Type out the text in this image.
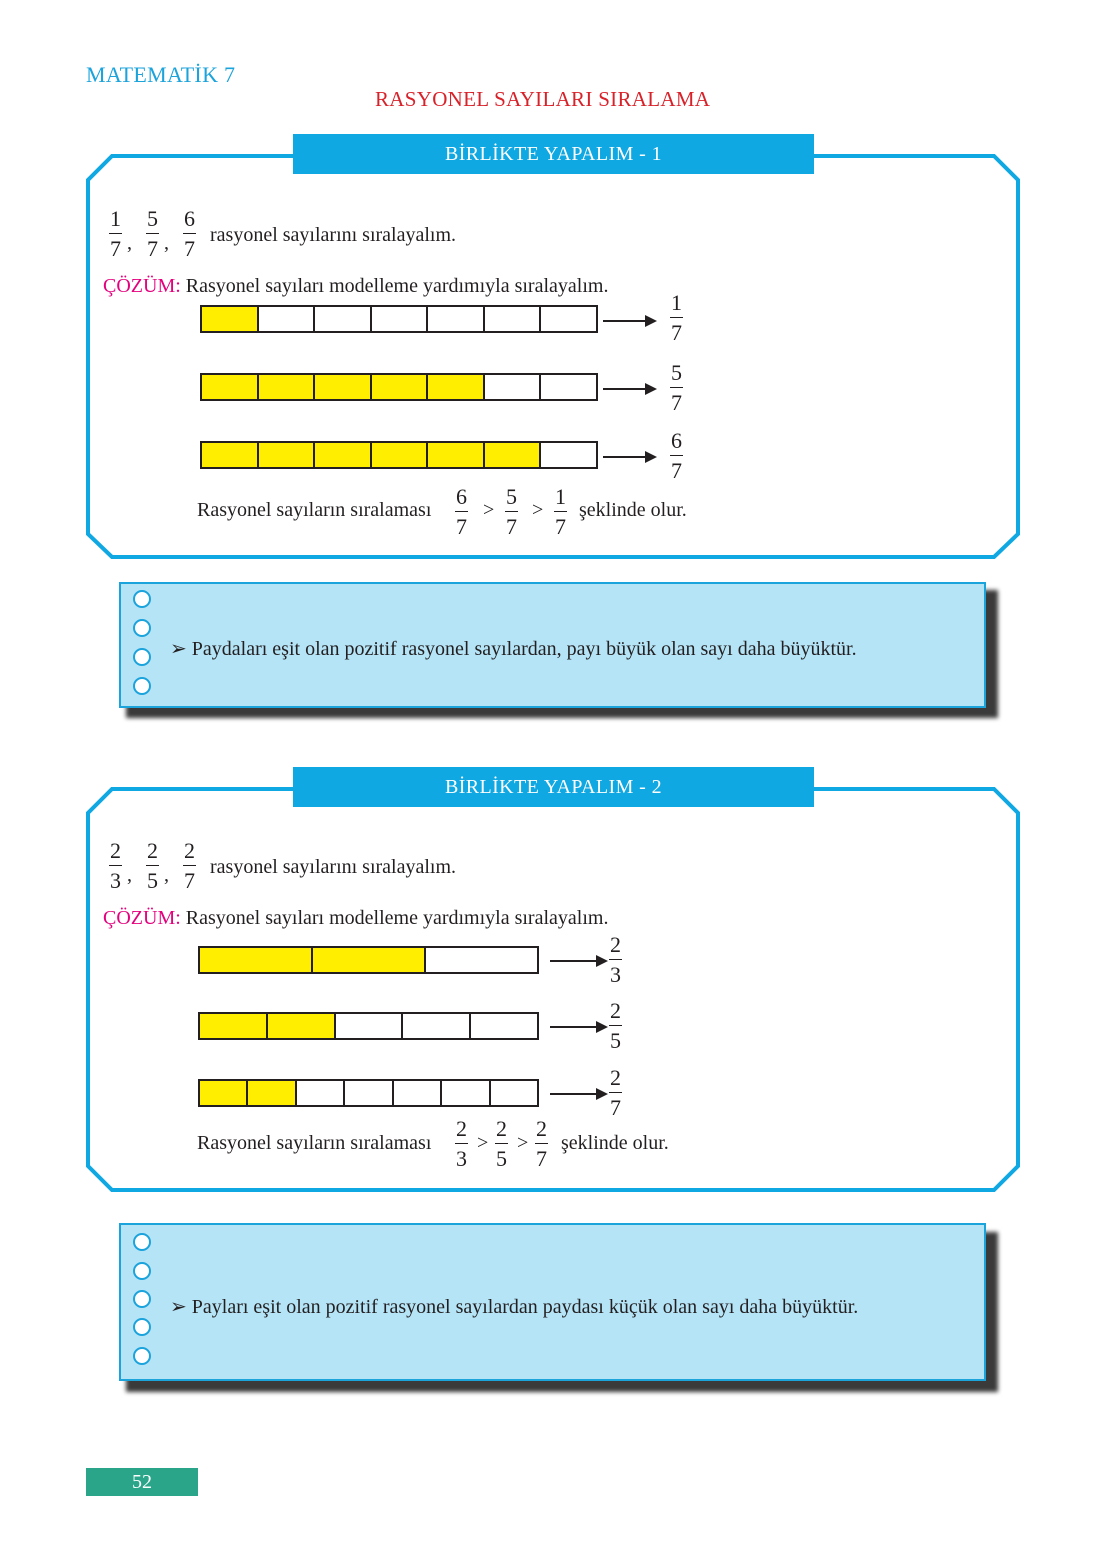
MATEMATİK 7
RASYONEL SAYILARI SIRALAMA
BİRLİKTE YAPALIM - 1
$\frac{1}{7}$ , $\frac{5}{7}$ , $\frac{6}{7}$ rasyonel sayılarını sıralayalım.
ÇÖZÜM: Rasyonel sayıları modelleme yardımıyla sıralayalım.
$\frac{1}{7}$
$\frac{5}{7}$
$\frac{6}{7}$
Rasyonel sayıların sıralaması $\frac{6}{7} > \frac{5}{7} > \frac{1}{7}$ şeklinde olur.
➢ Paydaları eşit olan pozitif rasyonel sayılardan, payı büyük olan sayı daha büyüktür.
BİRLİKTE YAPALIM - 2
$\frac{2}{3}$ , $\frac{2}{5}$ , $\frac{2}{7}$ rasyonel sayılarını sıralayalım.
ÇÖZÜM: Rasyonel sayıları modelleme yardımıyla sıralayalım.
$\frac{2}{3}$
$\frac{2}{5}$
$\frac{2}{7}$
Rasyonel sayıların sıralaması $\frac{2}{3} > \frac{2}{5} > \frac{2}{7}$ şeklinde olur.
➢ Payları eşit olan pozitif rasyonel sayılardan paydası küçük olan sayı daha büyüktür.
52
